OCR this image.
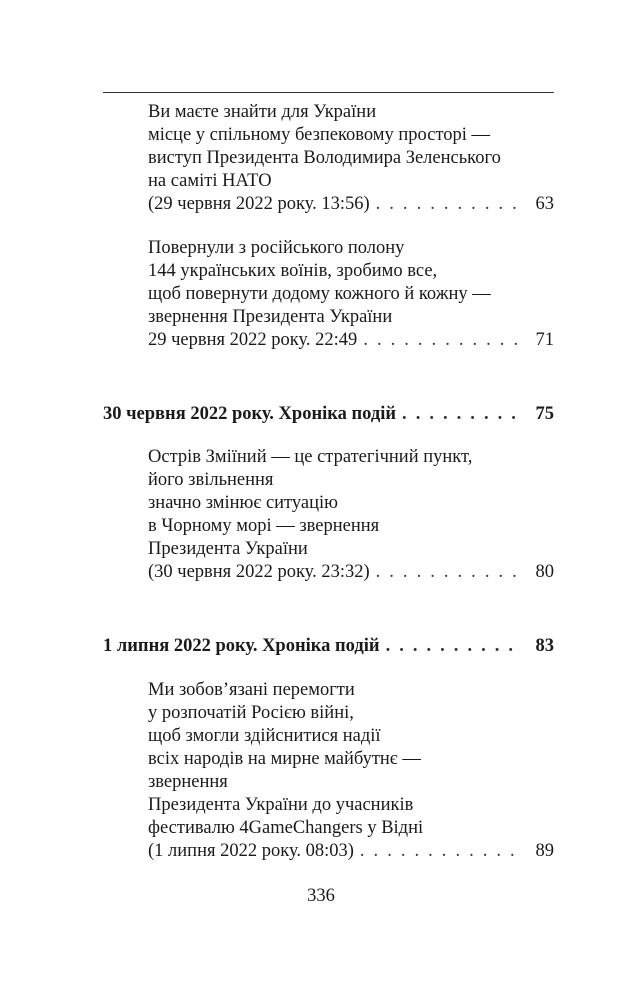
Ви маєте знайти для України
місце у спільному безпековому просторі —
виступ Президента Володимира Зеленського
на саміті НАТО
(29 червня 2022 року. 13:56) . . .	63
Повернули з російського полону
144 українських воїнів, зробимо все,
щоб повернути додому кожного й кожну —
звернення Президента України
29 червня 2022 року. 22:49 . . .	71
30 червня 2022 року. Хроніка подій . . .	75
Острів Зміїний — це стратегічний пункт,
його звільнення
значно змінює ситуацію
в Чорному морі — звернення
Президента України
(30 червня 2022 року. 23:32) . . .	80
1 липня 2022 року. Хроніка подій . . .	83
Ми зобов’язані перемогти
у розпочатій Росією війні,
щоб змогли здійснитися надії
всіх народів на мирне майбутнє —
звернення
Президента України до учасників
фестивалю 4GameChangers у Відні
(1 липня 2022 року. 08:03) . . .	89
336
